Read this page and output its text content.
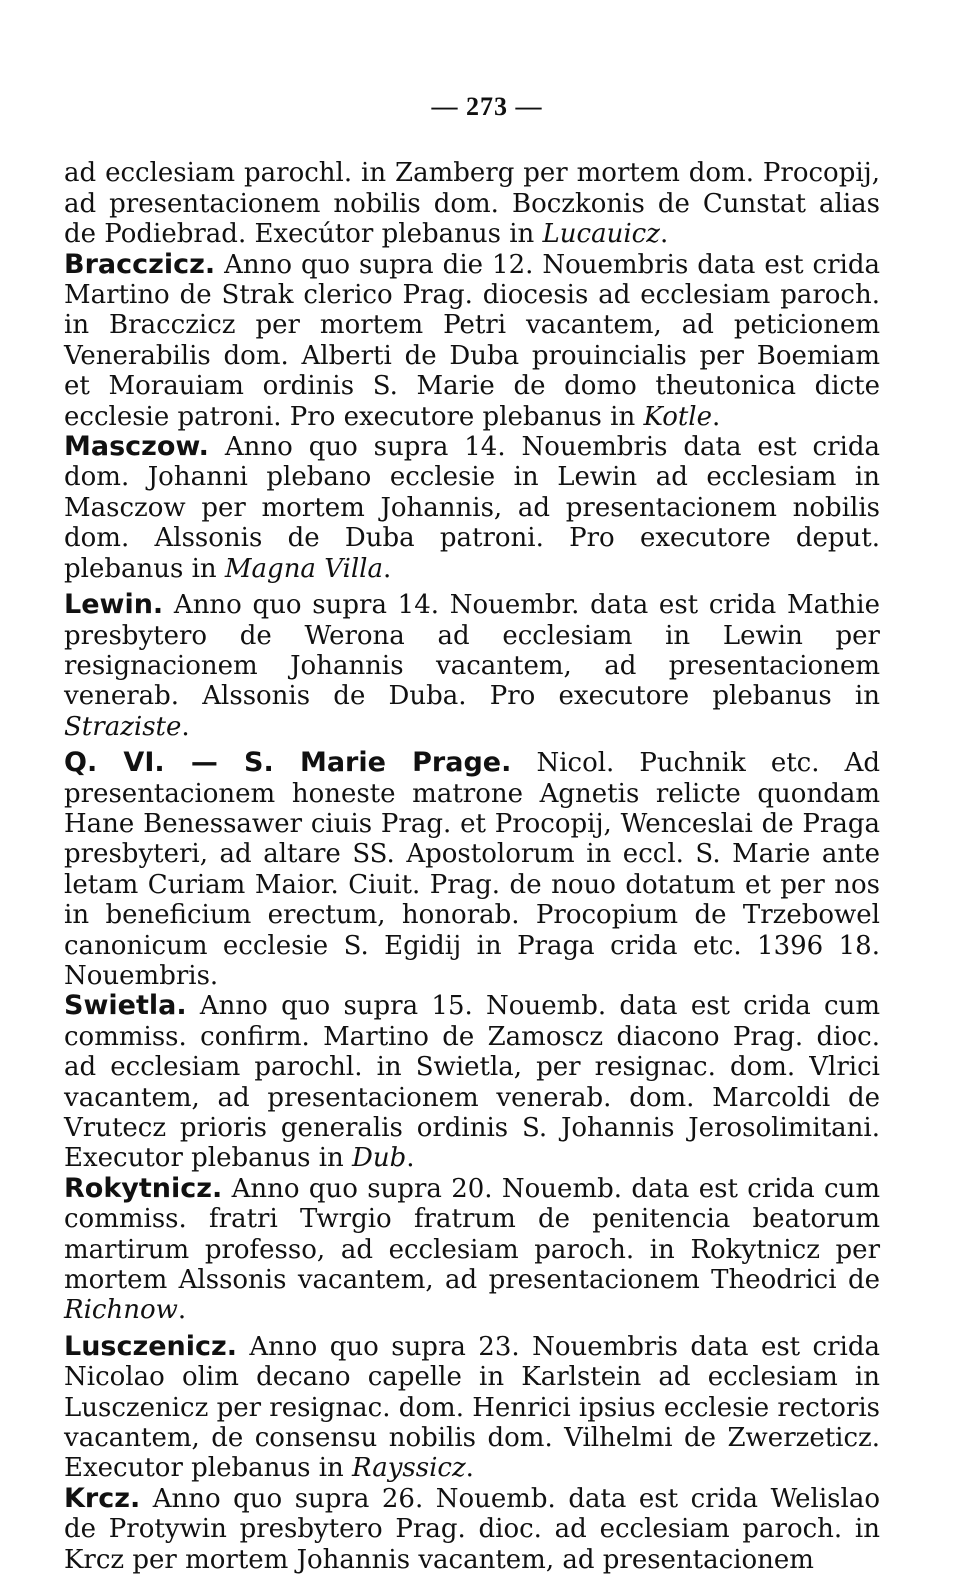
— 273 —

ad ecclesiam parochl. in Zamberg per mortem dom. Procopij, ad presentacionem nobilis dom. Boczkonis de Cunstat alias de Podiebrad. Execútor plebanus in Lucauicz.

Braccziсz. Anno quo supra die 12. Nouembris data est crida Martino de Strak clerico Prag. diocesis ad ecclesiam paroch. in Bracczicz per mortem Petri vacantem, ad peticionem Venerabilis dom. Alberti de Duba prouincialis per Boemiam et Morauiam ordinis S. Marie de domo theutonica dicte ecclesie patroni. Pro executore plebanus in Kotle.

Masczow. Anno quo supra 14. Nouembris data est crida dom. Johanni plebano ecclesie in Lewin ad ecclesiam in Masczow per mortem Johannis, ad presentacionem nobilis dom. Alssonis de Duba patroni. Pro executore deput. plebanus in Magna Villa.

Lewin. Anno quo supra 14. Nouembr. data est crida Mathie presbytero de Werona ad ecclesiam in Lewin per resignacionem Johannis vacantem, ad presentacionem venerab. Alssonis de Duba. Pro executore plebanus in Straziste.

Q. VI. — S. Marie Prage. Nicol. Puchnik etc. Ad presentacionem honeste matrone Agnetis relicte quondam Hane Benessawer ciuis Prag. et Procopij, Wenceslai de Praga presbyteri, ad altare SS. Apostolorum in eccl. S. Marie ante letam Curiam Maior. Ciuit. Prag. de nouo dotatum et per nos in beneficium erectum, honorab. Procopium de Trzebowel canonicum ecclesie S. Egidij in Praga crida etc. 1396 18. Nouembris.

Swietla. Anno quo supra 15. Nouemb. data est crida cum commiss. confirm. Martino de Zamoscz diacono Prag. dioc. ad ecclesiam parochl. in Swietla, per resignac. dom. Vlrici vacantem, ad presentacionem venerab. dom. Marcoldi de Vrutecz prioris generalis ordinis S. Johannis Jerosolimitani. Executor plebanus in Dub.

Rokytnicz. Anno quo supra 20. Nouemb. data est crida cum commiss. fratri Twrgio fratrum de penitencia beatorum martirum professo, ad ecclesiam paroch. in Rokytnicz per mortem Alssonis vacantem, ad presentacionem Theodrici de Richnow.

Lusczenicz. Anno quo supra 23. Nouembris data est crida Nicolao olim decano capelle in Karlstein ad ecclesiam in Lusczenicz per resignac. dom. Henrici ipsius ecclesie rectoris vacantem, de consensu nobilis dom. Vilhelmi de Zwerzeticz. Executor plebanus in Rayssicz.

Krcz. Anno quo supra 26. Nouemb. data est crida Welislao de Protywin presbytero Prag. dioc. ad ecclesiam paroch. in Krcz per mortem Johannis vacantem, ad presentacionem
